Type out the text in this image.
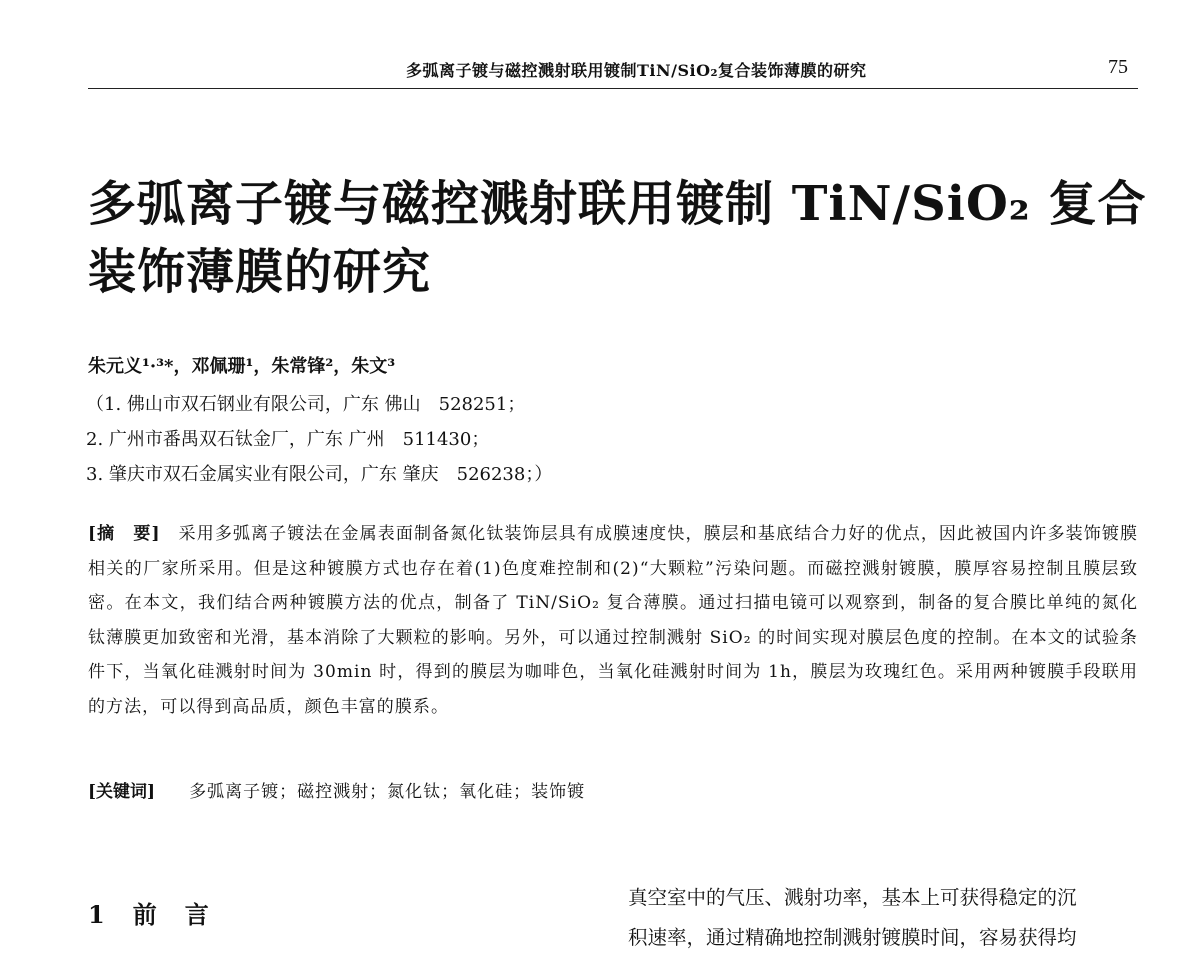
多弧离子镀与磁控溅射联用镀制TiN/SiO₂复合装饰薄膜的研究	75
多弧离子镀与磁控溅射联用镀制 TiN/SiO₂ 复合
装饰薄膜的研究
朱元义¹·³*，邓佩珊¹，朱常锋²，朱文³
（1. 佛山市双石钢业有限公司，广东 佛山　528251；
2. 广州市番禺双石钛金厂，广东 广州　511430；
3. 肇庆市双石金属实业有限公司，广东 肇庆　526238；）

[摘　要] 采用多弧离子镀法在金属表面制备氮化钛装饰层具有成膜速度快，膜层和基底结合力好的优点，因此被国内许多装饰镀膜相关的厂家所采用。但是这种镀膜方式也存在着(1)色度难控制和(2)“大颗粒”污染问题。而磁控溅射镀膜，膜厚容易控制且膜层致密。在本文，我们结合两种镀膜方法的优点，制备了 TiN/SiO₂ 复合薄膜。通过扫描电镜可以观察到，制备的复合膜比单纯的氮化钛薄膜更加致密和光滑，基本消除了大颗粒的影响。另外，可以通过控制溅射 SiO₂ 的时间实现对膜层色度的控制。在本文的试验条件下，当氧化硅溅射时间为 30min 时，得到的膜层为咖啡色，当氧化硅溅射时间为 1h，膜层为玫瑰红色。采用两种镀膜手段联用的方法，可以得到高品质，颜色丰富的膜系。

[关键词] 多弧离子镀；磁控溅射；氮化钛；氧化硅；装饰镀
1　前　言

真空室中的气压、溅射功率，基本上可获得稳定的沉
积速率，通过精确地控制溅射镀膜时间，容易获得均
